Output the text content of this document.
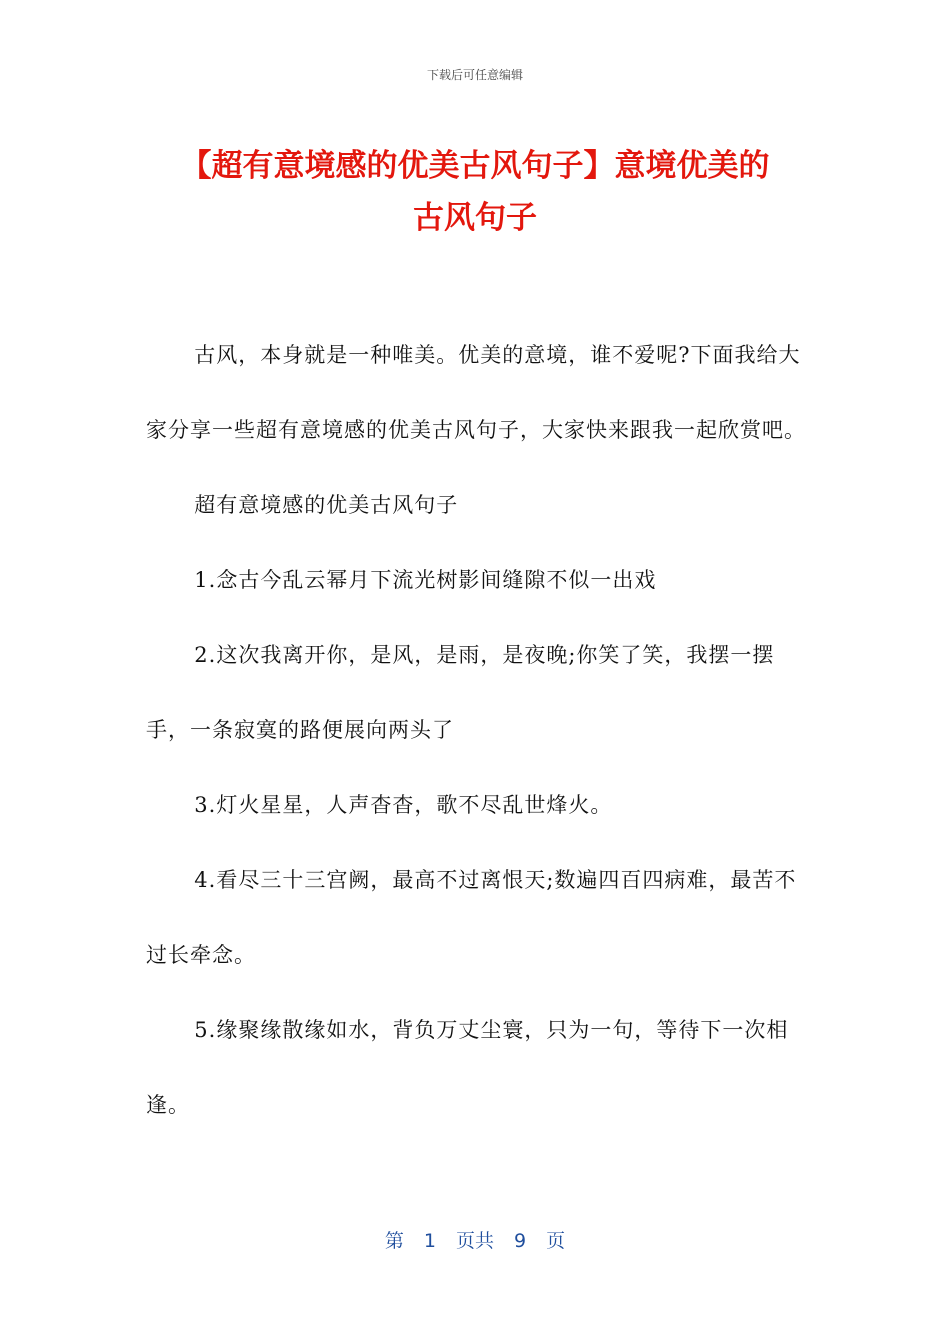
下载后可任意编辑
【超有意境感的优美古风句子】意境优美的
古风句子

古风，本身就是一种唯美。优美的意境，谁不爱呢?下面我给大家分享一些超有意境感的优美古风句子，大家快来跟我一起欣赏吧。

超有意境感的优美古风句子

1.念古今乱云幂月下流光树影间缝隙不似一出戏

2.这次我离开你，是风，是雨，是夜晚;你笑了笑，我摆一摆手，一条寂寞的路便展向两头了

3.灯火星星，人声杳杳，歌不尽乱世烽火。

4.看尽三十三宫阙，最高不过离恨天;数遍四百四病难，最苦不过长牵念。

5.缘聚缘散缘如水，背负万丈尘寰，只为一句，等待下一次相逢。

第 1 页共 9 页
